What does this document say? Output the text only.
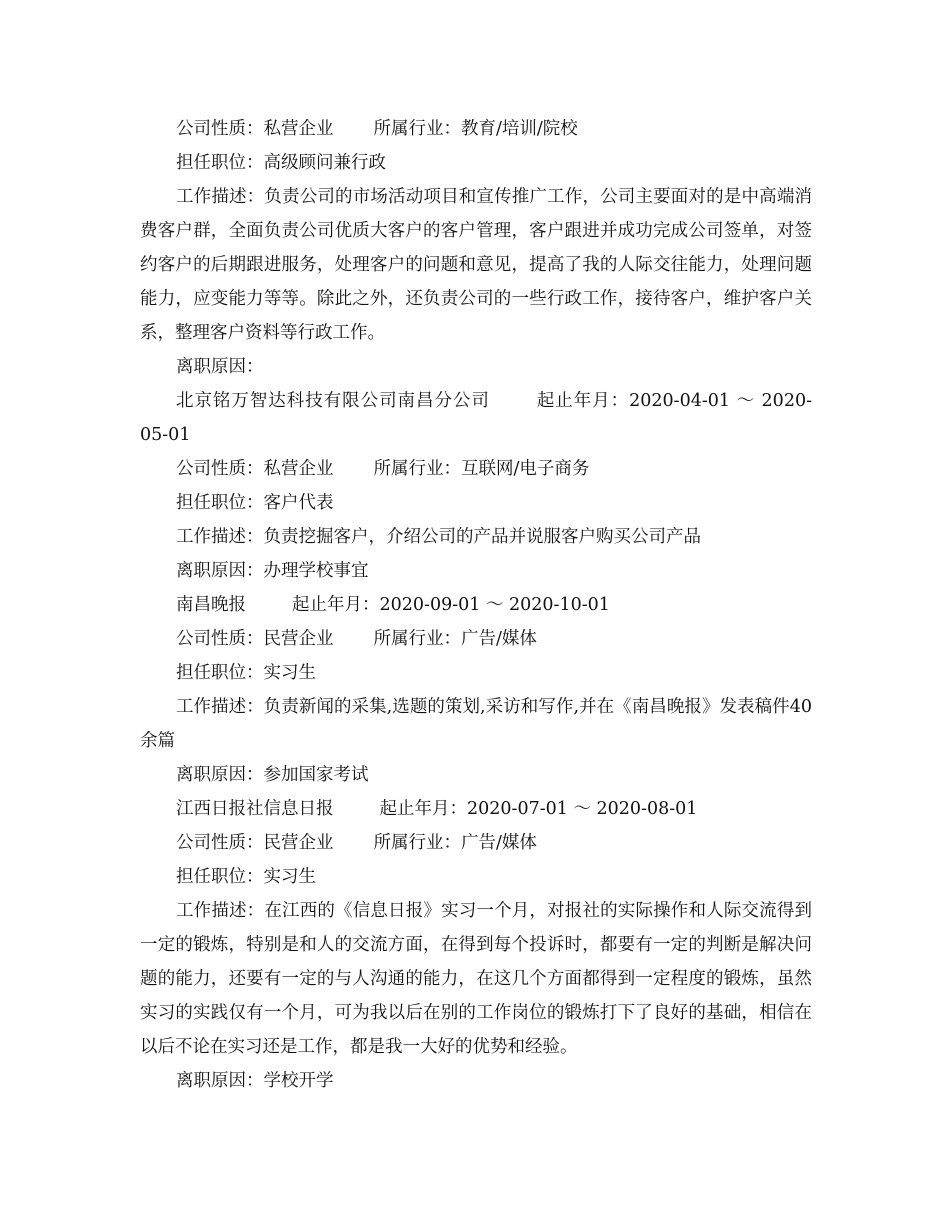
公司性质：私营企业 所属行业：教育/培训/院校
担任职位：高级顾问兼行政
工作描述：负责公司的市场活动项目和宣传推广工作，公司主要面对的是中高端消费客户群，全面负责公司优质大客户的客户管理，客户跟进并成功完成公司签单，对签约客户的后期跟进服务，处理客户的问题和意见，提高了我的人际交往能力，处理问题能力，应变能力等等。除此之外，还负责公司的一些行政工作，接待客户，维护客户关系，整理客户资料等行政工作。
离职原因：
北京铭万智达科技有限公司南昌分公司	起止年月：2020-04-01 ～ 2020-05-01
公司性质：私营企业 所属行业：互联网/电子商务
担任职位：客户代表
工作描述：负责挖掘客户，介绍公司的产品并说服客户购买公司产品
离职原因：办理学校事宜
南昌晚报	起止年月：2020-09-01 ～ 2020-10-01
公司性质：民营企业 所属行业：广告/媒体
担任职位：实习生
工作描述：负责新闻的采集,选题的策划,采访和写作,并在《南昌晚报》发表稿件40余篇
离职原因：参加国家考试
江西日报社信息日报	起止年月：2020-07-01 ～ 2020-08-01
公司性质：民营企业 所属行业：广告/媒体
担任职位：实习生
工作描述：在江西的《信息日报》实习一个月，对报社的实际操作和人际交流得到一定的锻炼，特别是和人的交流方面，在得到每个投诉时，都要有一定的判断是解决问题的能力，还要有一定的与人沟通的能力，在这几个方面都得到一定程度的锻炼，虽然实习的实践仅有一个月，可为我以后在别的工作岗位的锻炼打下了良好的基础，相信在以后不论在实习还是工作，都是我一大好的优势和经验。
离职原因：学校开学
